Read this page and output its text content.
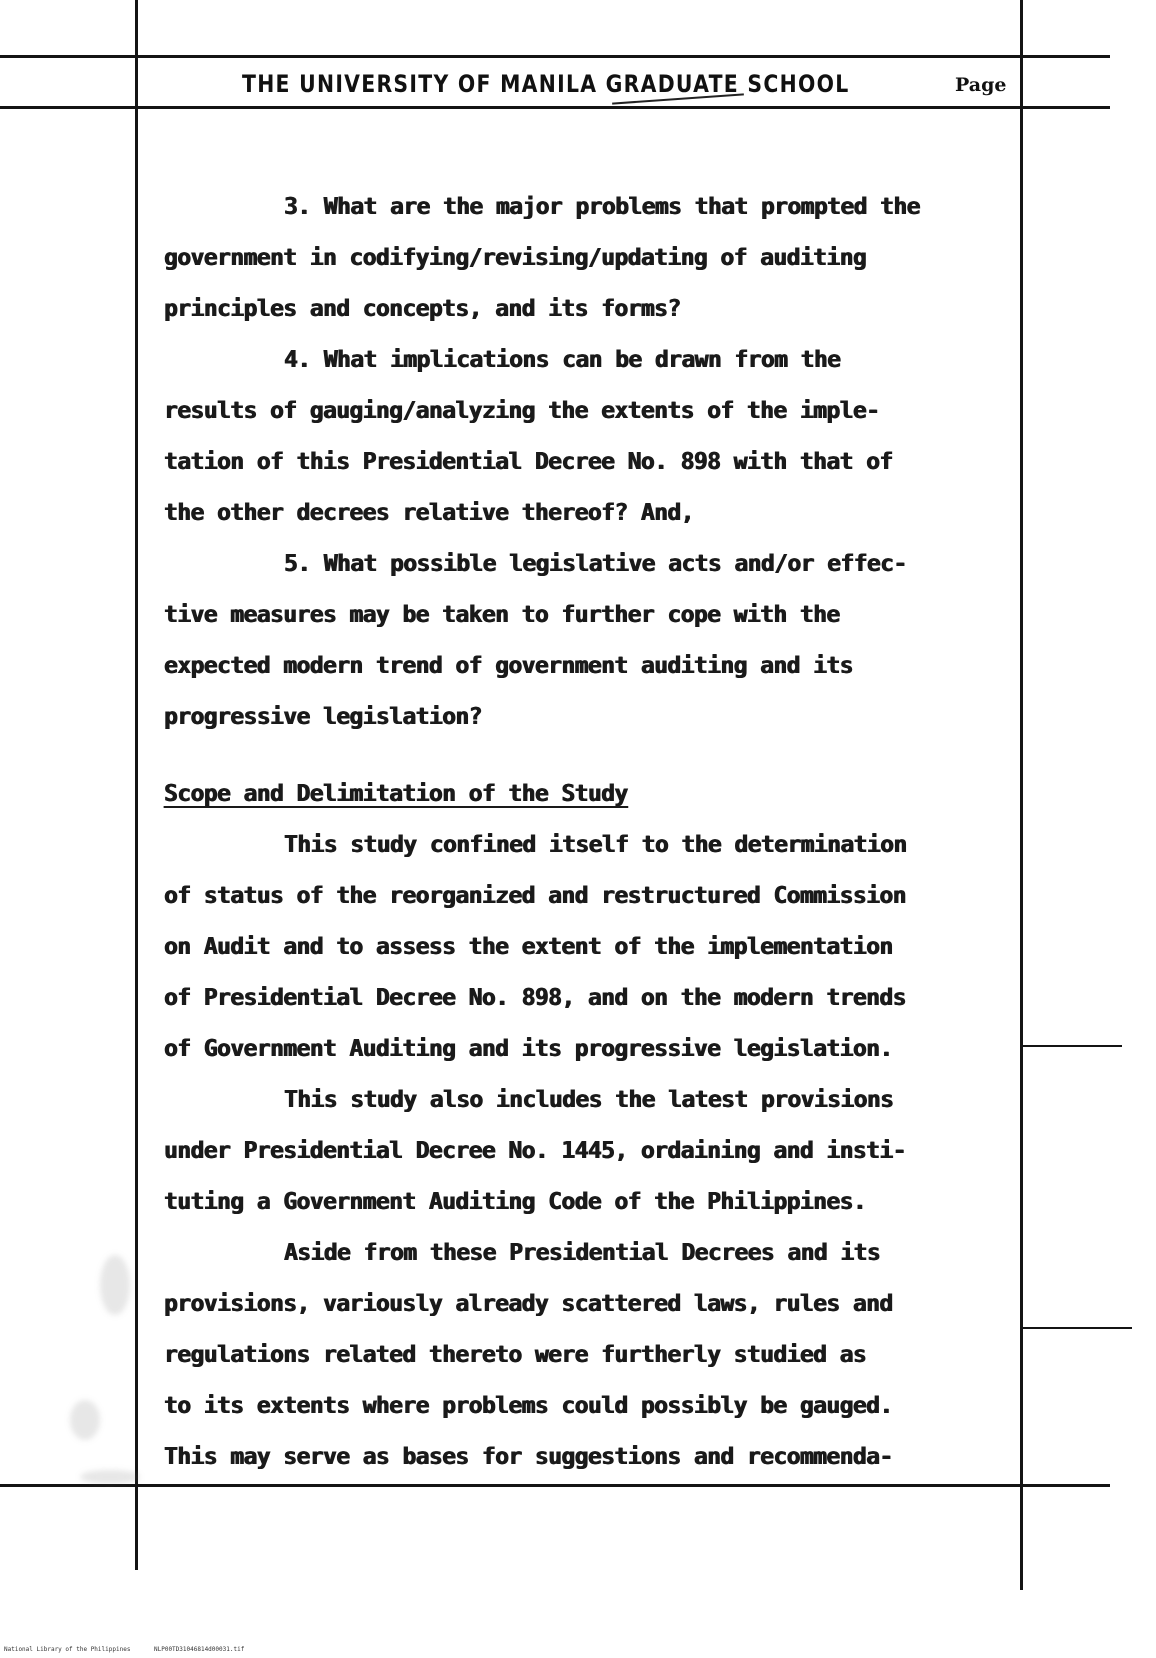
THE UNIVERSITY OF MANILA GRADUATE SCHOOL	Page
3. What are the major problems that prompted the
government in codifying/revising/updating of auditing
principles and concepts, and its forms?
4. What implications can be drawn from the
results of gauging/analyzing the extents of the imple-
tation of this Presidential Decree No. 898 with that of
the other decrees relative thereof? And,
5. What possible legislative acts and/or effec-
tive measures may be taken to further cope with the
expected modern trend of government auditing and its
progressive legislation?
Scope and Delimitation of the Study
This study confined itself to the determination
of status of the reorganized and restructured Commission
on Audit and to assess the extent of the implementation
of Presidential Decree No. 898, and on the modern trends
of Government Auditing and its progressive legislation.
This study also includes the latest provisions
under Presidential Decree No. 1445, ordaining and insti-
tuting a Government Auditing Code of the Philippines.
Aside from these Presidential Decrees and its
provisions, variously already scattered laws, rules and
regulations related thereto were furtherly studied as
to its extents where problems could possibly be gauged.
This may serve as bases for suggestions and recommenda-
National Library of the Philippines	NLP00TD31046814d00031.tif
